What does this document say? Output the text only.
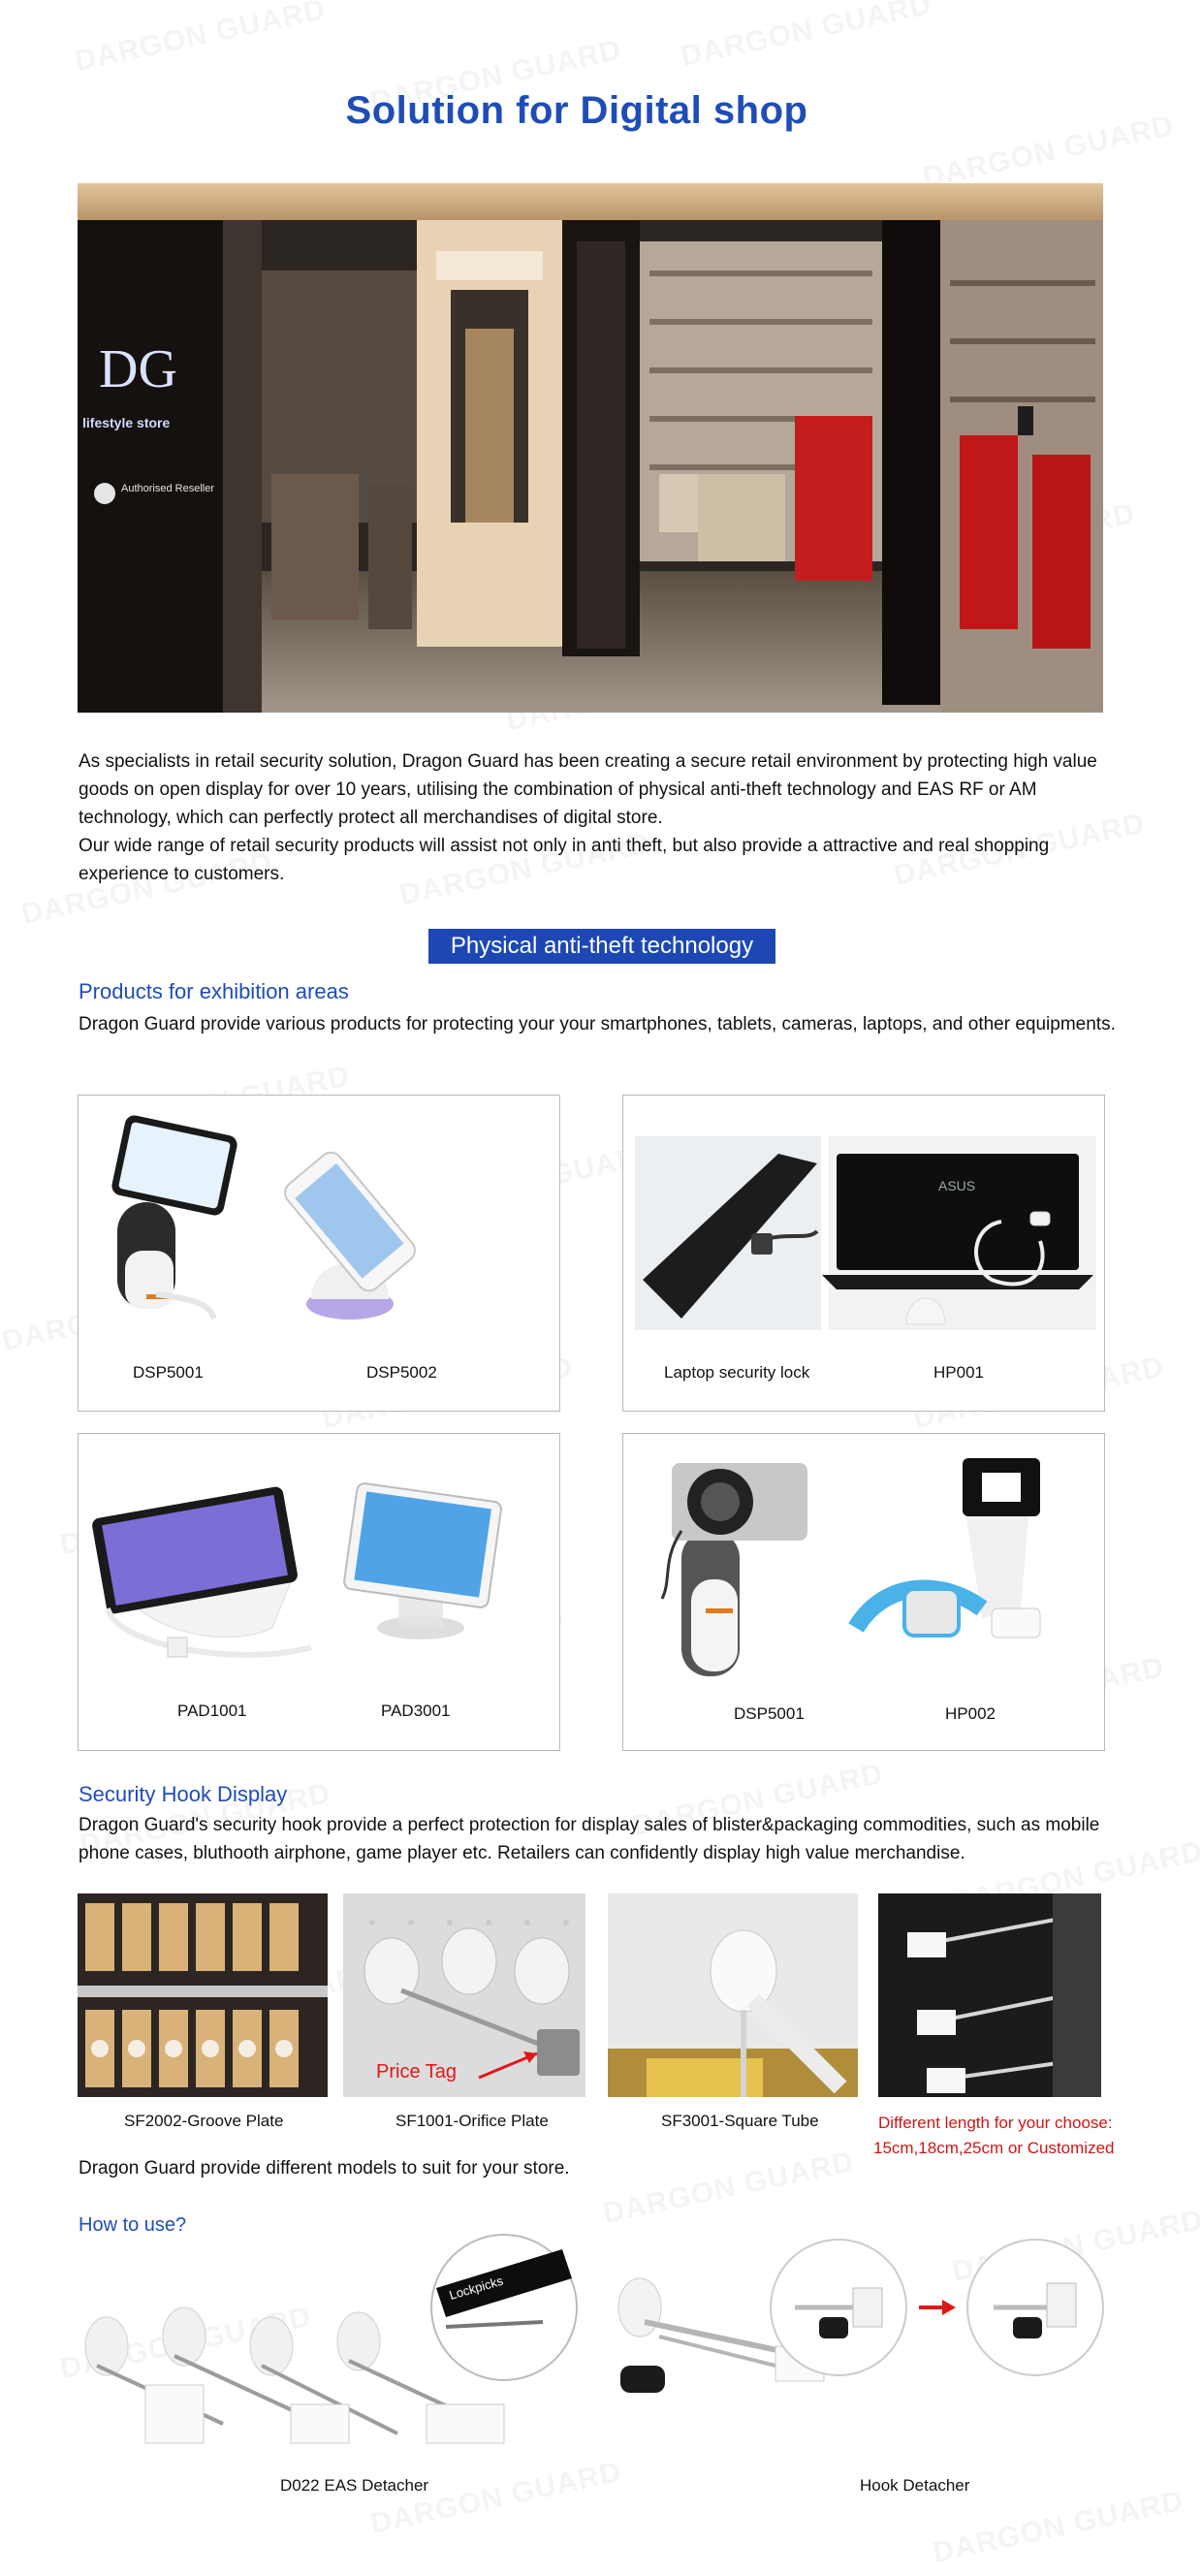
Solution for Digital shop
DG
lifestyle store
Authorised Reseller

As specialists in retail security solution, Dragon Guard has been creating a secure retail environment by protecting high value goods on open display for over 10 years, utilising the combination of physical anti-theft technology and EAS RF or AM technology, which can perfectly protect all merchandises of digital store.

Our wide range of retail security products will assist not only in anti theft, but also provide a attractive and real shopping experience to customers.

Physical anti-theft technology
Products for exhibition areas

Dragon Guard provide various products for protecting your your smartphones, tablets, cameras, laptops, and other equipments.

DSP5001	DSP5002
ASUS
Laptop security lock	HP001
PAD1001	PAD3001	DSP5001	HP002
Security Hook Display

Dragon Guard's security hook provide a perfect protection for display sales of blister&packaging commodities, such as mobile phone cases, bluthooth airphone, game player etc. Retailers can confidently display high value merchandise.

Price Tag
SF2002-Groove Plate	SF1001-Orifice Plate	SF3001-Square Tube	Different length for your choose:
15cm,18cm,25cm or Customized

Dragon Guard provide different models to suit for your store.

How to use?
Lockpicks
D022 EAS Detacher	Hook Detacher
